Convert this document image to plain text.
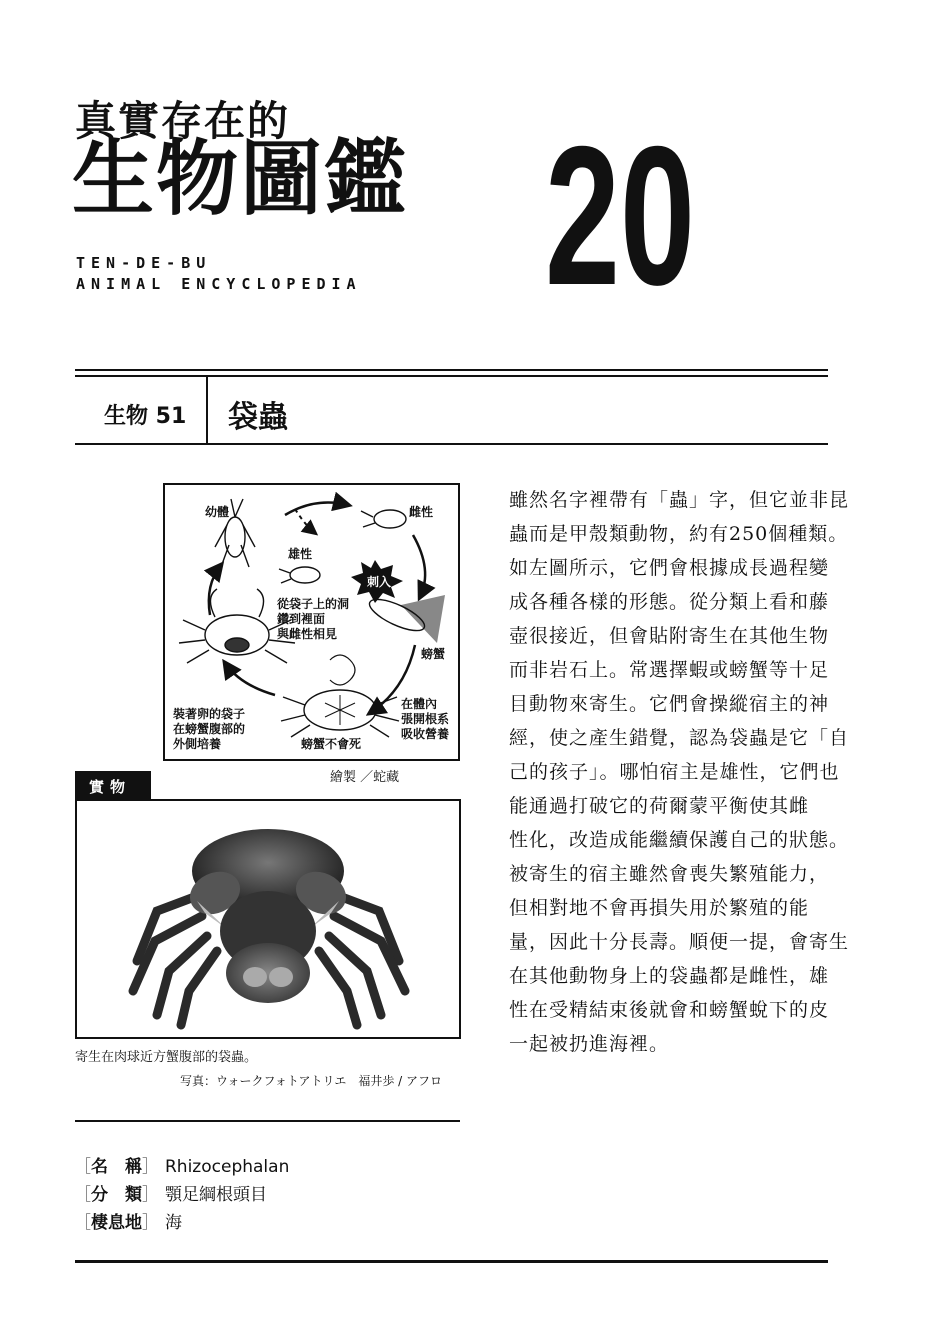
真實存在的
生物圖鑑
TEN-DE-BU
ANIMAL ENCYCLOPEDIA 20
生物 51 袋蟲
幼體	雌性
雄性
刺入
從袋子上的洞
鑽到裡面
與雌性相見
螃蟹
在體內
張開根系
吸收營養
裝著卵的袋子
在螃蟹腹部的
外側培養	螃蟹不會死
繪製 ／蛇藏
實物
寄生在肉球近方蟹腹部的袋蟲。
写真：ウォークフォトアトリエ　福井歩 / アフロ
雖然名字裡帶有「蟲」字，但它並非昆
蟲而是甲殼類動物，約有250個種類。
如左圖所示，它們會根據成長過程變
成各種各樣的形態。從分類上看和藤
壺很接近，但會貼附寄生在其他生物
而非岩石上。常選擇蝦或螃蟹等十足
目動物來寄生。它們會操縱宿主的神
經，使之產生錯覺，認為袋蟲是它「自
己的孩子」。哪怕宿主是雄性，它們也
能通過打破它的荷爾蒙平衡使其雌
性化，改造成能繼續保護自己的狀態。
被寄生的宿主雖然會喪失繁殖能力，
但相對地不會再損失用於繁殖的能
量，因此十分長壽。順便一提，會寄生
在其他動物身上的袋蟲都是雌性，雄
性在受精結束後就會和螃蟹蛻下的皮
一起被扔進海裡。
［名　稱］ Rhizocephalan
［分　類］ 顎足綱根頭目
［棲息地］ 海
